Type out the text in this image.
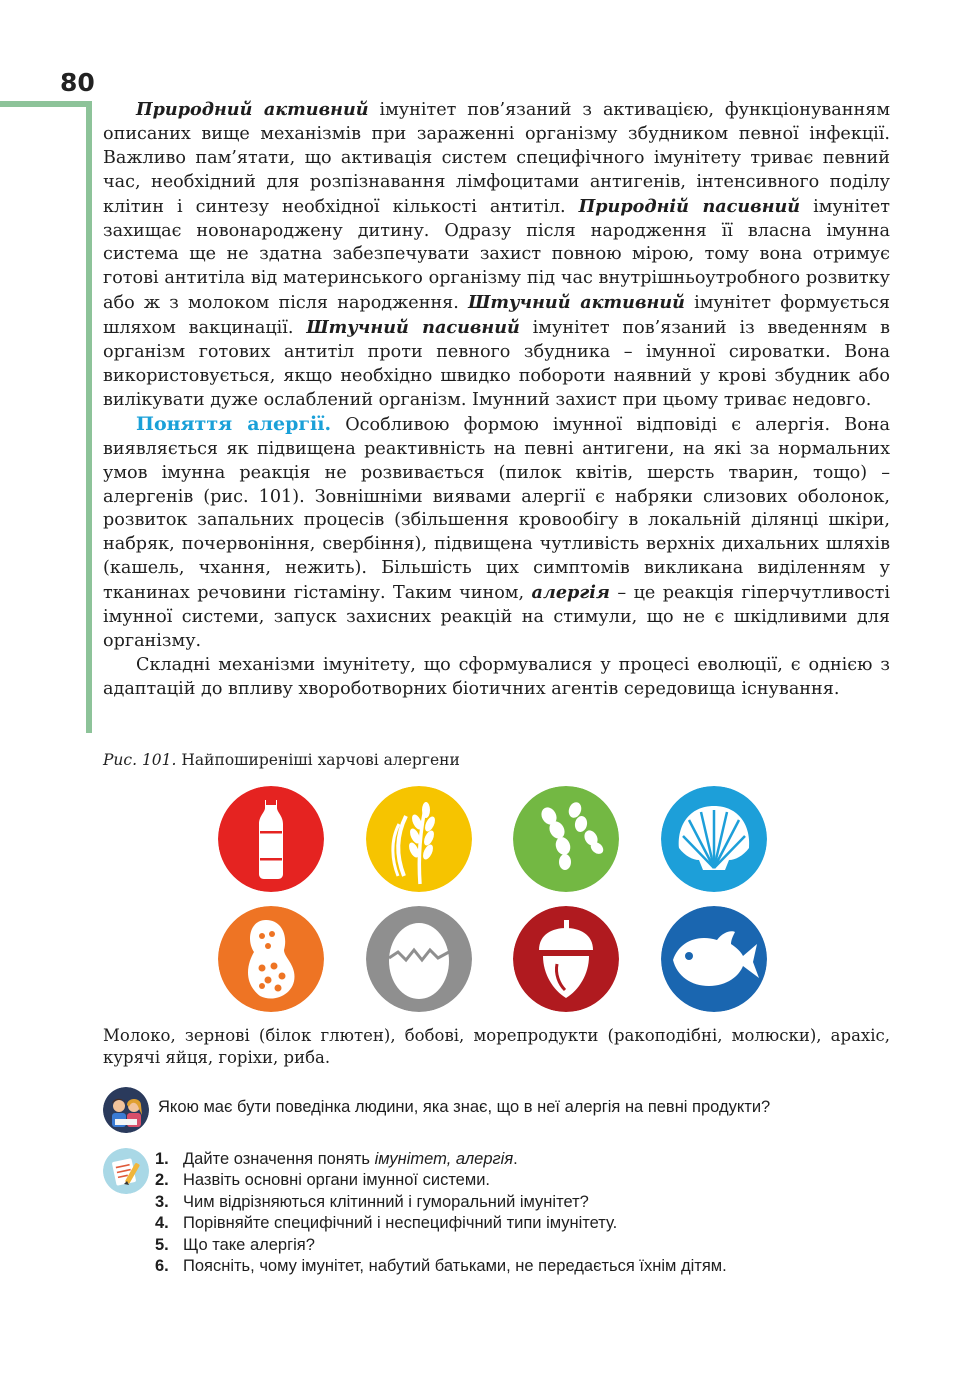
80

Природний активний імунітет пов’язаний з активацією, функціонуванням описаних вище механізмів при зараженні організму збудником певної інфекції. Важливо пам’ятати, що активація систем специфічного імунітету триває певний час, необхідний для розпізнавання лімфоцитами антигенів, інтенсивного поділу клітин і синтезу необхідної кількості антитіл. Природній пасивний імунітет захищає новонароджену дитину. Одразу після народження її власна імунна система ще не здатна забезпечувати захист повною мірою, тому вона отримує готові антитіла від материнського організму під час внутрішньоутробного розвитку або ж з молоком після народження. Штучний активний імунітет формується шляхом вакцинації. Штучний пасивний імунітет пов’язаний із введенням в організм готових антитіл проти певного збудника – імунної сироватки. Вона використовується, якщо необхідно швидко побороти наявний у крові збудник або вилікувати дуже ослаблений організм. Імунний захист при цьому триває недовго.

Поняття алергії. Особливою формою імунної відповіді є алергія. Вона виявляється як підвищена реактивність на певні антигени, на які за нормальних умов імунна реакція не розвивається (пилок квітів, шерсть тварин, тощо) – алергенів (рис. 101). Зовнішніми виявами алергії є набряки слизових оболонок, розвиток запальних процесів (збільшення кровообігу в локальній ділянці шкіри, набряк, почервоніння, свербіння), підвищена чутливість верхніх дихальних шляхів (кашель, чхання, нежить). Більшість цих симптомів викликана виділенням у тканинах речовини гістаміну. Таким чином, алергія – це реакція гіперчутливості імунної системи, запуск захисних реакцій на стимули, що не є шкідливими для організму.

Складні механізми імунітету, що сформувалися у процесі еволюції, є однією з адаптацій до впливу хвороботворних біотичних агентів середовища існування.

Рис. 101. Найпоширеніші харчові алергени
Молоко, зернові (білок глютен), бобові, морепродукти (ракоподібні, молюски), арахіс, курячі яйця, горіхи, риба.
Якою має бути поведінка людини, яка знає, що в неї алергія на певні продукти?
1. Дайте означення понять імунітет, алергія.
2. Назвіть основні органи імунної системи.
3. Чим відрізняються клітинний і гуморальний імунітет?
4. Порівняйте специфічний і неспецифічний типи імунітету.
5. Що таке алергія?
6. Поясніть, чому імунітет, набутий батьками, не передається їхнім дітям.
